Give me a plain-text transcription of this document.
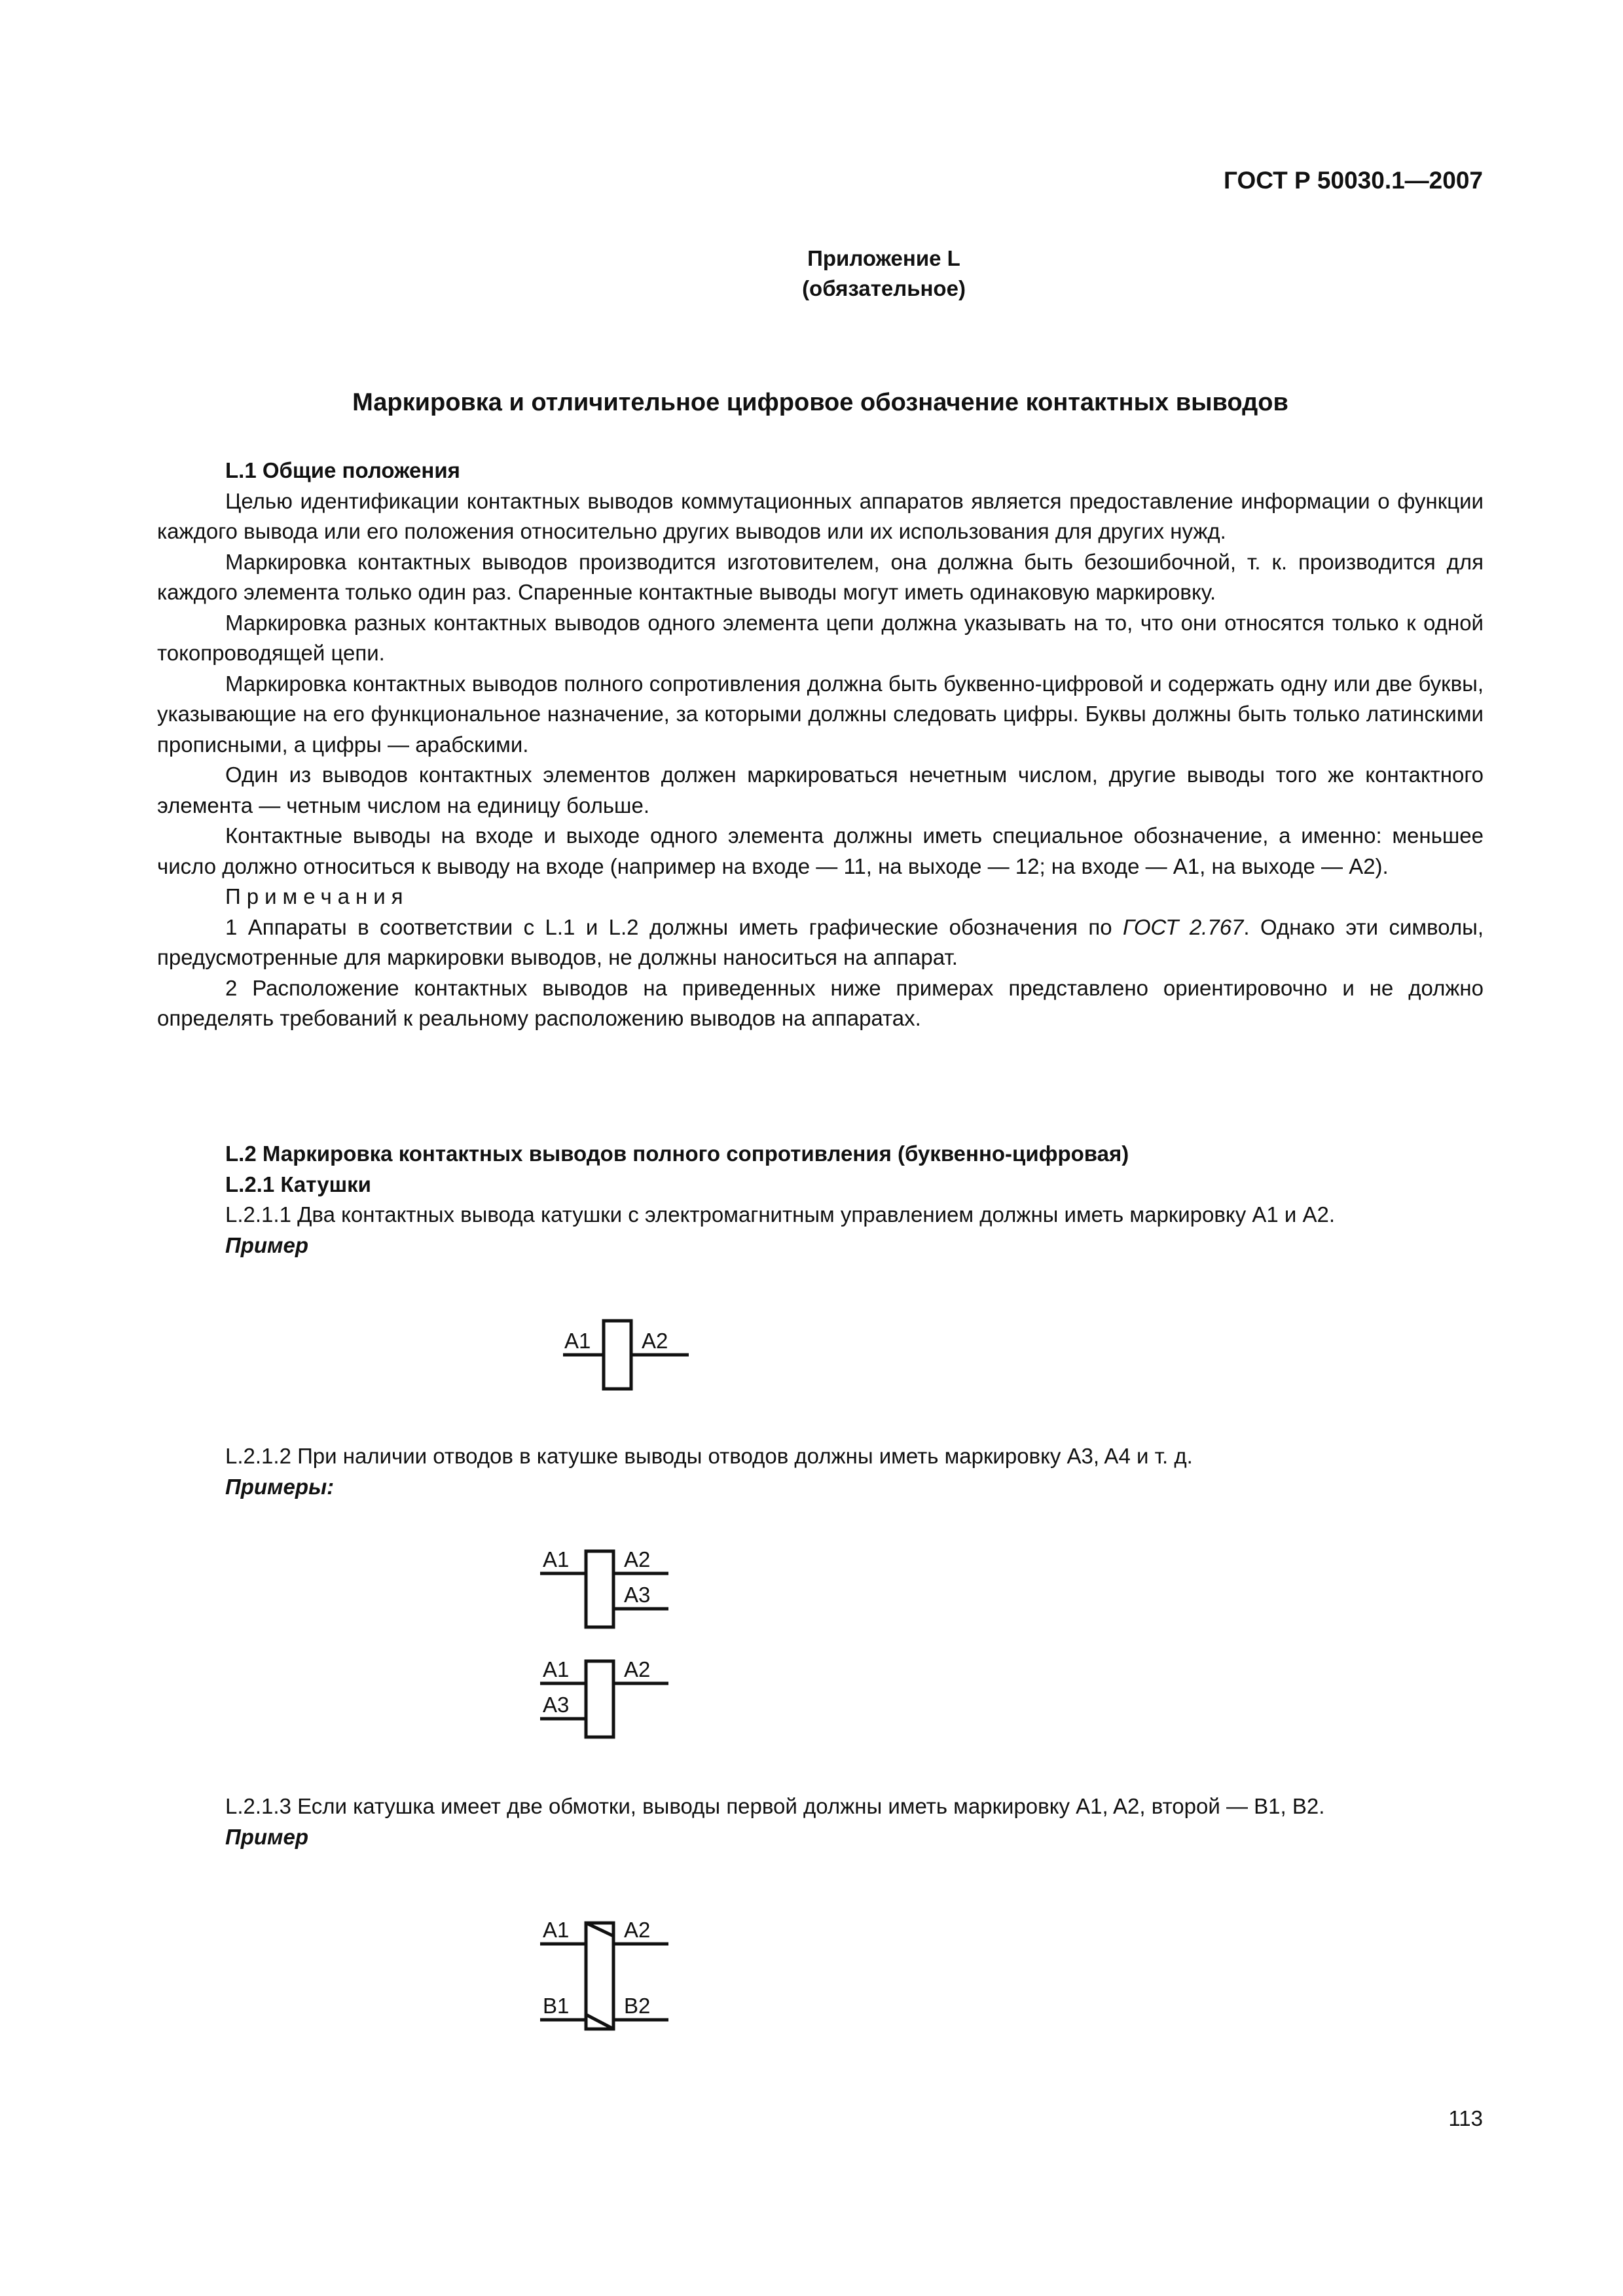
ГОСТ Р 50030.1—2007
Приложение L
(обязательное)
Маркировка и отличительное цифровое обозначение контактных выводов

L.1 Общие положения

Целью идентификации контактных выводов коммутационных аппаратов является предоставление информации о функции каждого вывода или его положения относительно других выводов или их использования для других нужд.

Маркировка контактных выводов производится изготовителем, она должна быть безошибочной, т. к. производится для каждого элемента только один раз. Спаренные контактные выводы могут иметь одинаковую маркировку.

Маркировка разных контактных выводов одного элемента цепи должна указывать на то, что они относятся только к одной токопроводящей цепи.

Маркировка контактных выводов полного сопротивления должна быть буквенно-цифровой и содержать одну или две буквы, указывающие на его функциональное назначение, за которыми должны следовать цифры. Буквы должны быть только латинскими прописными, а цифры — арабскими.

Один из выводов контактных элементов должен маркироваться нечетным числом, другие выводы того же контактного элемента — четным числом на единицу больше.

Контактные выводы на входе и выходе одного элемента должны иметь специальное обозначение, а именно: меньшее число должно относиться к выводу на входе (например на входе — 11, на выходе — 12; на входе — A1, на выходе — A2).

Примечания

1 Аппараты в соответствии с L.1 и L.2 должны иметь графические обозначения по ГОСТ 2.767. Однако эти символы, предусмотренные для маркировки выводов, не должны наноситься на аппарат.

2 Расположение контактных выводов на приведенных ниже примерах представлено ориентировочно и не должно определять требований к реальному расположению выводов на аппаратах.

L.2 Маркировка контактных выводов полного сопротивления (буквенно-цифровая)

L.2.1 Катушки

L.2.1.1 Два контактных вывода катушки с электромагнитным управлением должны иметь маркировку A1 и A2.

Пример

A1 A2

L.2.1.2 При наличии отводов в катушке выводы отводов должны иметь маркировку A3, A4 и т. д.

Примеры:

A1	A2
A3
A1	A2
A3

L.2.1.3 Если катушка имеет две обмотки, выводы первой должны иметь маркировку A1, A2, второй — B1, B2.

Пример

A1	A2
B1	B2
113
